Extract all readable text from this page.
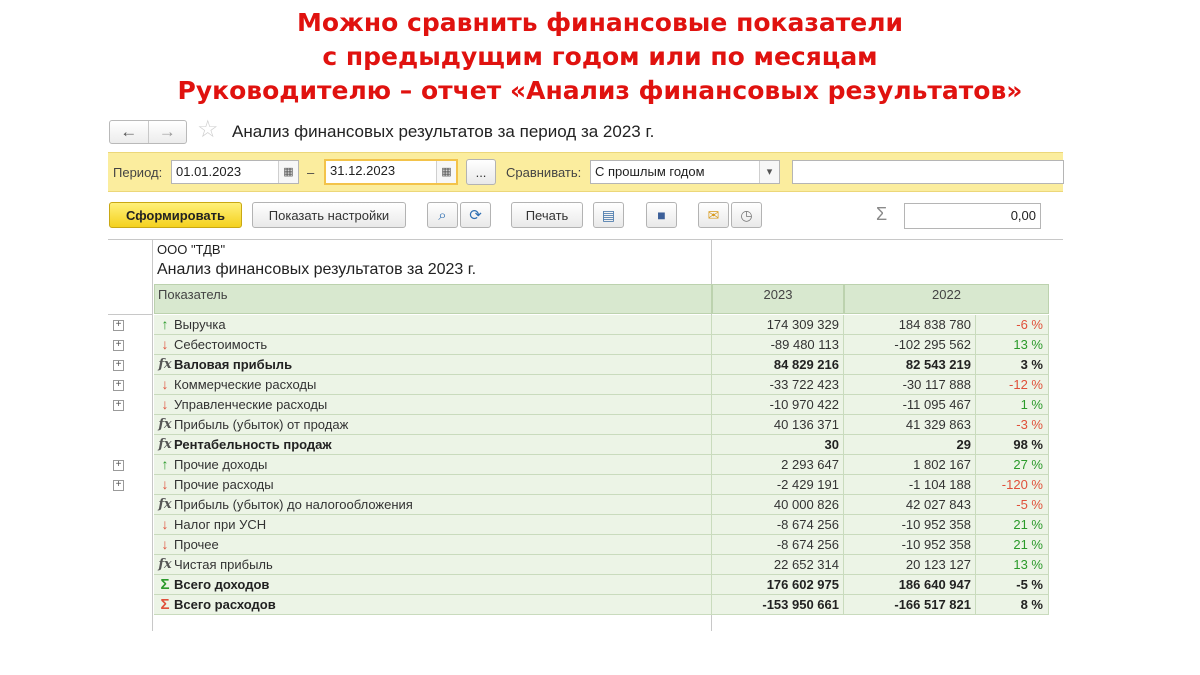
Можно сравнить финансовые показатели
с предыдущим годом или по месяцам
Руководителю – отчет «Анализ финансовых результатов»
←	→ ☆ Анализ финансовых результатов за период за 2023 г.
Период:	01.01.2023	▦	–	31.12.2023	▦	...	Сравнивать:	С прошлым годом	▾
Сформировать	Показать настройки	⌕ ⟳	Печать	▤	■	✉ ◷	Σ	0,00
ООО "ТДВ"
Анализ финансовых результатов за 2023 г.
Показатель	2023	2022
+	↑ Выручка	174 309 329	184 838 780	-6 %
+	↓ Себестоимость	-89 480 113	-102 295 562	13 %
+	fx Валовая прибыль	84 829 216	82 543 219	3 %
+	↓ Коммерческие расходы	-33 722 423	-30 117 888	-12 %
+	↓ Управленческие расходы	-10 970 422	-11 095 467	1 %
fx Прибыль (убыток) от продаж	40 136 371	41 329 863	-3 %
fx Рентабельность продаж	30	29	98 %
+	↑ Прочие доходы	2 293 647	1 802 167	27 %
+	↓ Прочие расходы	-2 429 191	-1 104 188	-120 %
fx Прибыль (убыток) до налогообложения	40 000 826	42 027 843	-5 %
↓ Налог при УСН	-8 674 256	-10 952 358	21 %
↓ Прочее	-8 674 256	-10 952 358	21 %
fx Чистая прибыль	22 652 314	20 123 127	13 %
Σ Всего доходов	176 602 975	186 640 947	-5 %
Σ Всего расходов	-153 950 661	-166 517 821	8 %
